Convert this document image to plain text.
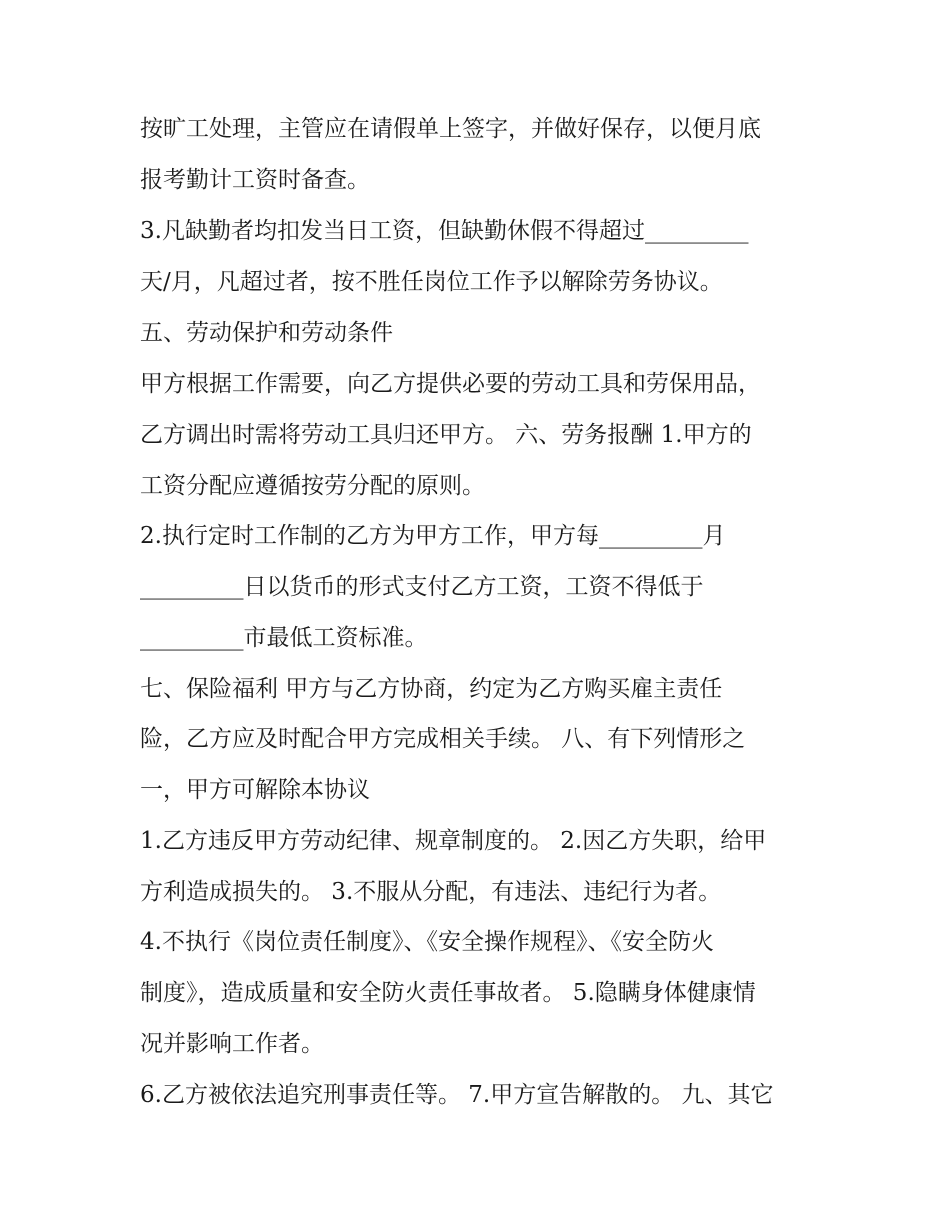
按旷工处理，主管应在请假单上签字，并做好保存，以便月底
报考勤计工资时备查。
3.凡缺勤者均扣发当日工资，但缺勤休假不得超过_________
天/月，凡超过者，按不胜任岗位工作予以解除劳务协议。
五、劳动保护和劳动条件
甲方根据工作需要，向乙方提供必要的劳动工具和劳保用品，
乙方调出时需将劳动工具归还甲方。 六、劳务报酬 1.甲方的
工资分配应遵循按劳分配的原则。
2.执行定时工作制的乙方为甲方工作，甲方每_________月
_________日以货币的形式支付乙方工资，工资不得低于
_________市最低工资标准。
七、保险福利 甲方与乙方协商，约定为乙方购买雇主责任
险，乙方应及时配合甲方完成相关手续。 八、有下列情形之
一，甲方可解除本协议
1.乙方违反甲方劳动纪律、规章制度的。 2.因乙方失职，给甲
方利造成损失的。 3.不服从分配，有违法、违纪行为者。
4.不执行《岗位责任制度》、《安全操作规程》、《安全防火
制度》，造成质量和安全防火责任事故者。 5.隐瞒身体健康情
况并影响工作者。
6.乙方被依法追究刑事责任等。 7.甲方宣告解散的。 九、其它
